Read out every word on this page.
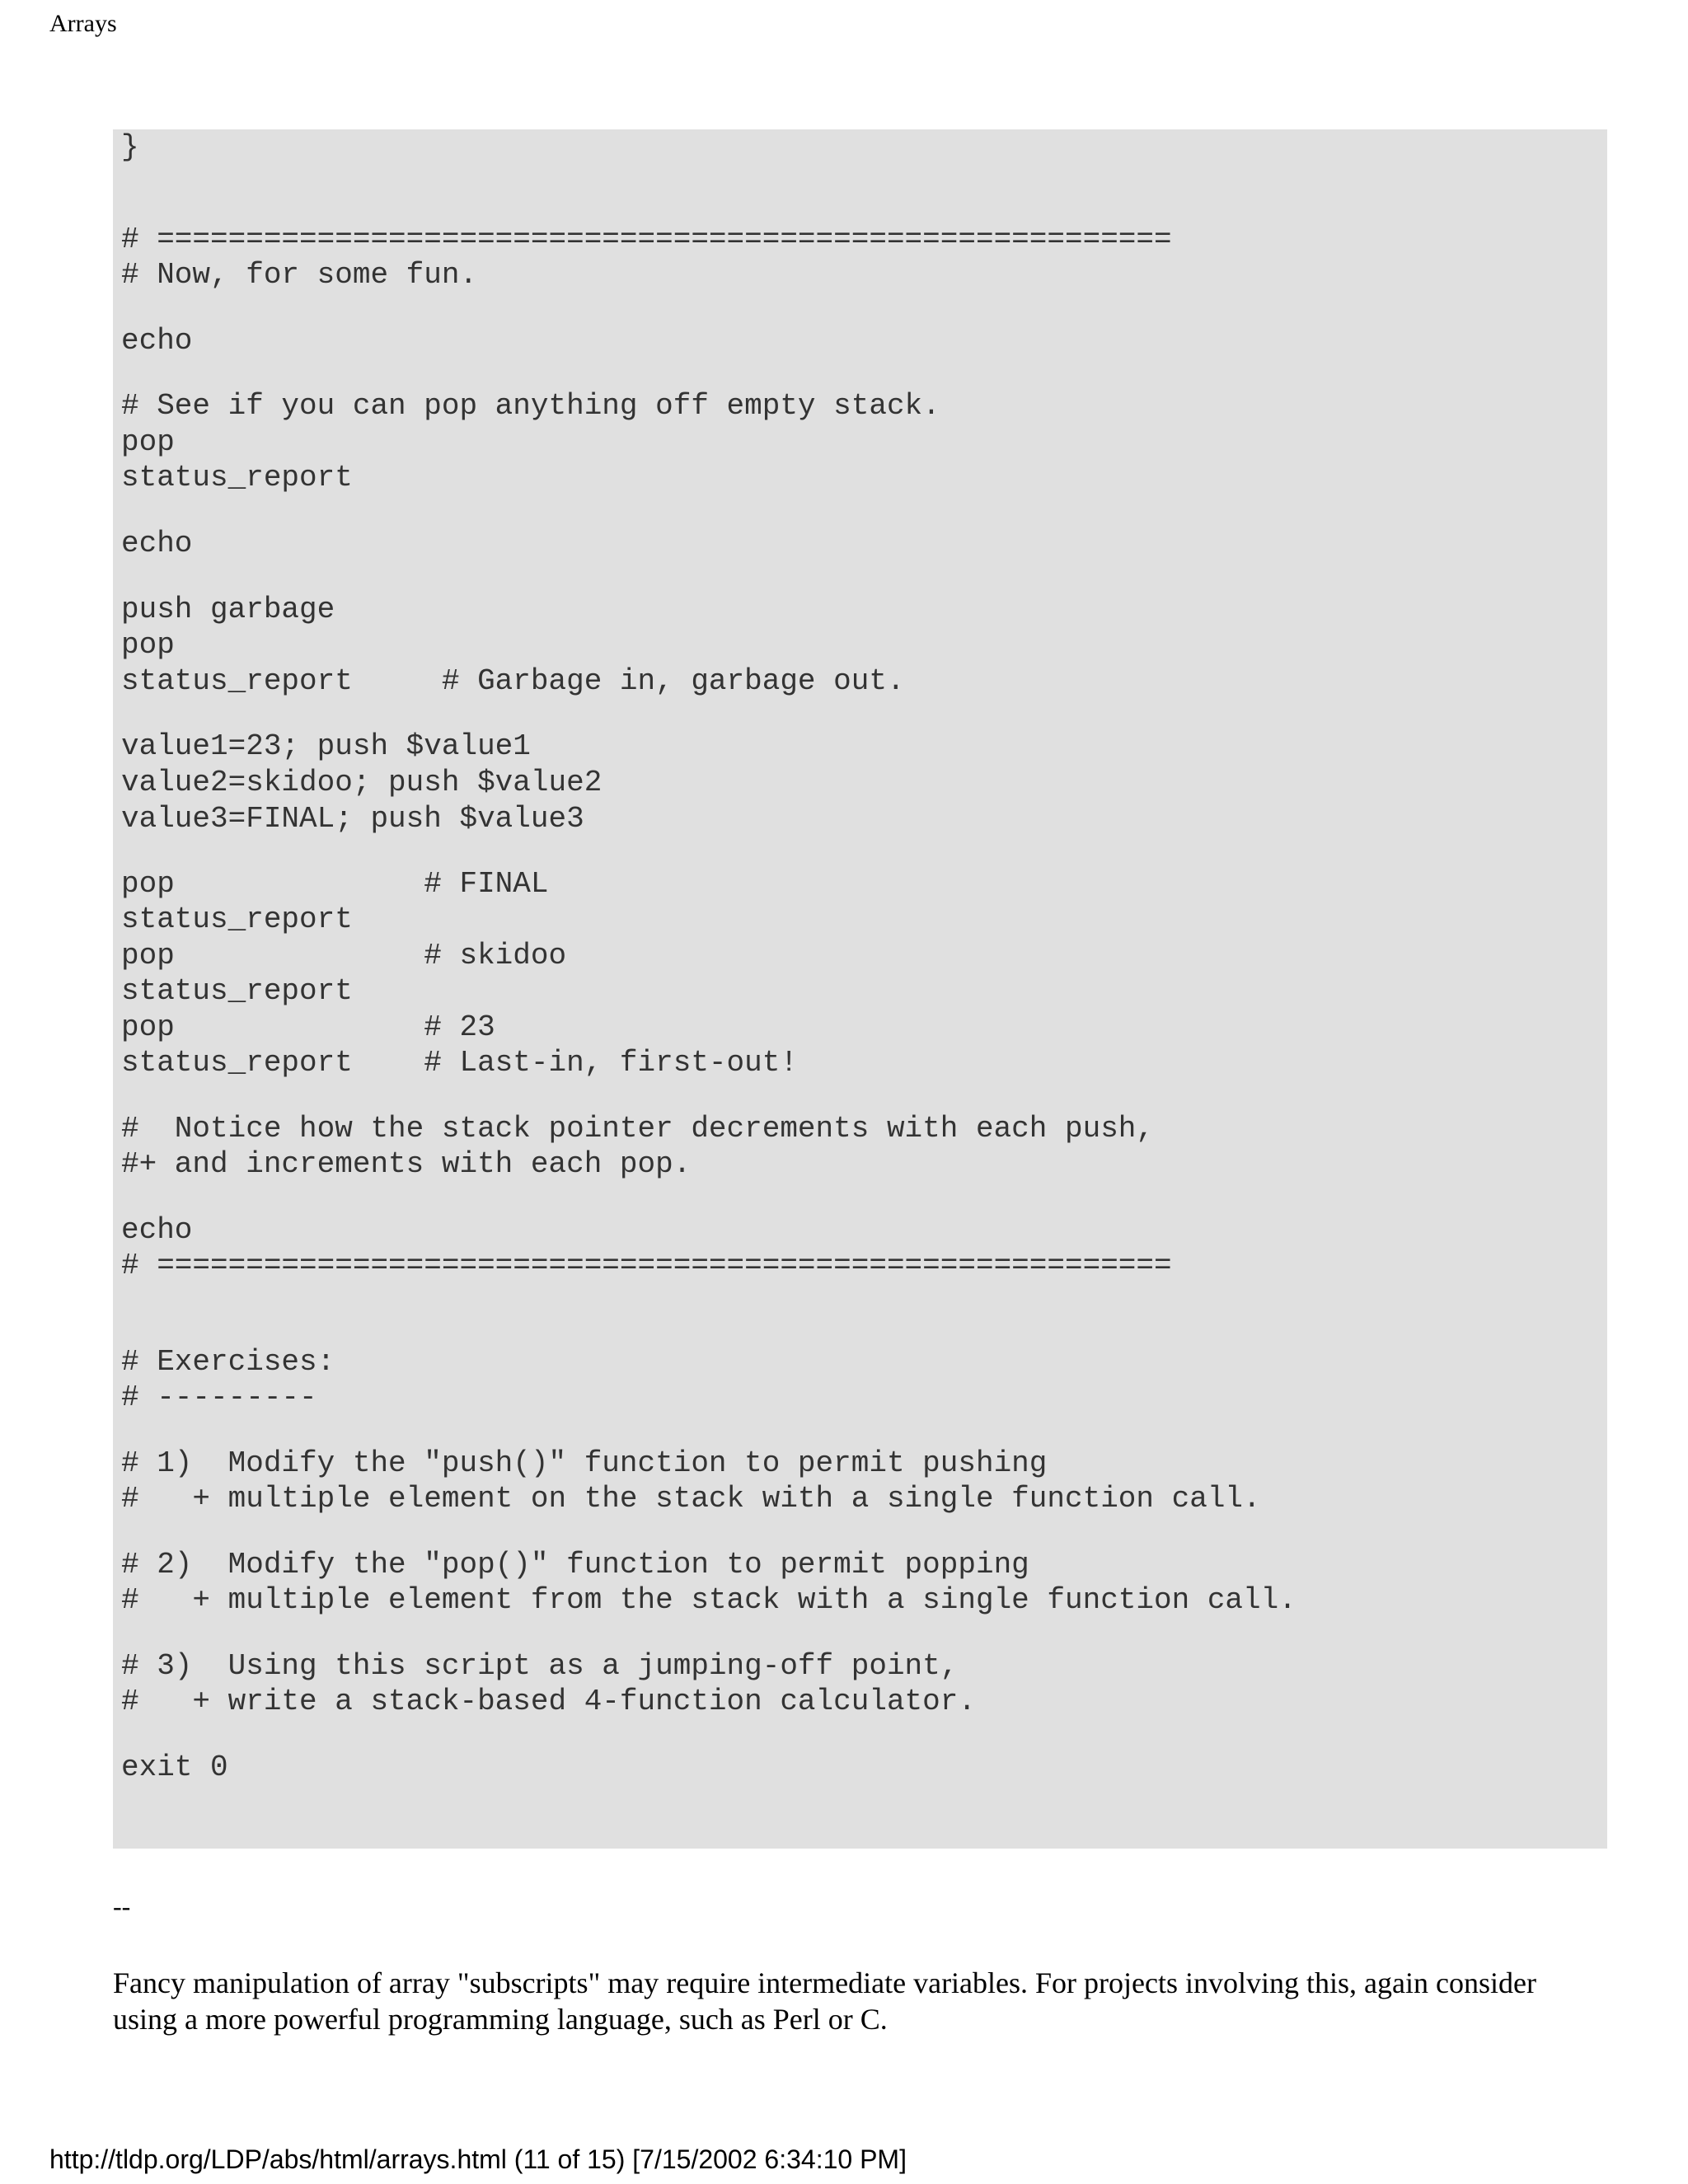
Arrays
}
# =========================================================
# Now, for some fun.
echo
# See if you can pop anything off empty stack.
pop
status_report
echo
push garbage
pop
status_report     # Garbage in, garbage out.
value1=23; push $value1
value2=skidoo; push $value2
value3=FINAL; push $value3
pop              # FINAL
status_report
pop              # skidoo
status_report
pop              # 23
status_report    # Last-in, first-out!
#  Notice how the stack pointer decrements with each push,
#+ and increments with each pop.
echo
# =========================================================
# Exercises:
# ---------
# 1)  Modify the "push()" function to permit pushing
#   + multiple element on the stack with a single function call.
# 2)  Modify the "pop()" function to permit popping
#   + multiple element from the stack with a single function call.
# 3)  Using this script as a jumping-off point,
#   + write a stack-based 4-function calculator.
exit 0
--
Fancy manipulation of array "subscripts" may require intermediate variables. For projects involving this, again consider using a more powerful programming language, such as Perl or C.
http://tldp.org/LDP/abs/html/arrays.html (11 of 15) [7/15/2002 6:34:10 PM]
